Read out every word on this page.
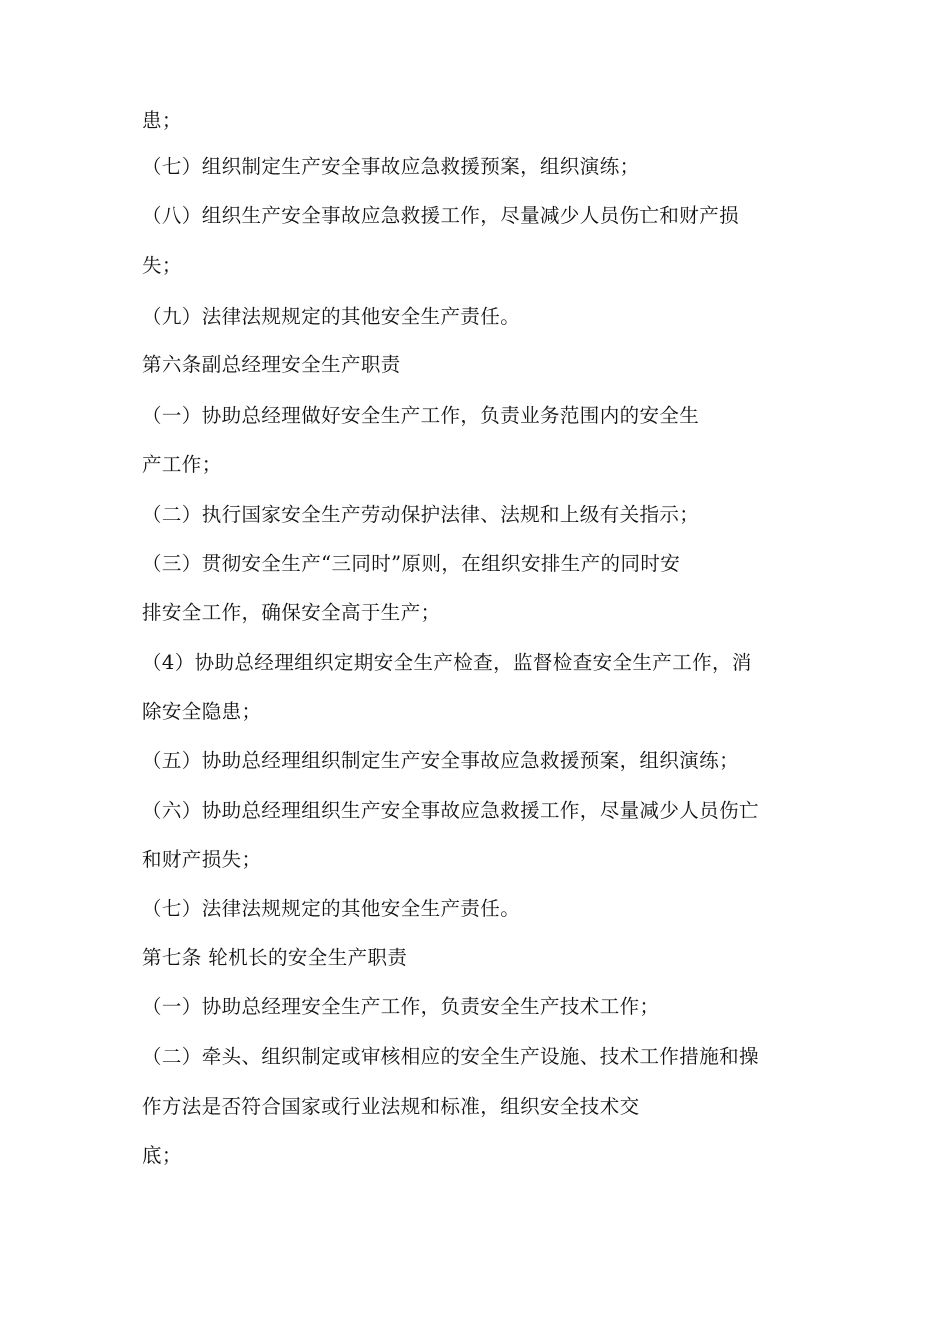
患；
（七）组织制定生产安全事故应急救援预案，组织演练；
（八）组织生产安全事故应急救援工作，尽量减少人员伤亡和财产损
失；
（九）法律法规规定的其他安全生产责任。
第六条副总经理安全生产职责
（一）协助总经理做好安全生产工作，负责业务范围内的安全生
产工作；
（二）执行国家安全生产劳动保护法律、法规和上级有关指示；
（三）贯彻安全生产“三同时”原则，在组织安排生产的同时安
排安全工作，确保安全高于生产；
（4）协助总经理组织定期安全生产检查，监督检查安全生产工作，消
除安全隐患；
（五）协助总经理组织制定生产安全事故应急救援预案，组织演练；
（六）协助总经理组织生产安全事故应急救援工作，尽量减少人员伤亡
和财产损失；
（七）法律法规规定的其他安全生产责任。
第七条 轮机长的安全生产职责
（一）协助总经理安全生产工作，负责安全生产技术工作；
（二）牵头、组织制定或审核相应的安全生产设施、技术工作措施和操
作方法是否符合国家或行业法规和标准，组织安全技术交
底；
